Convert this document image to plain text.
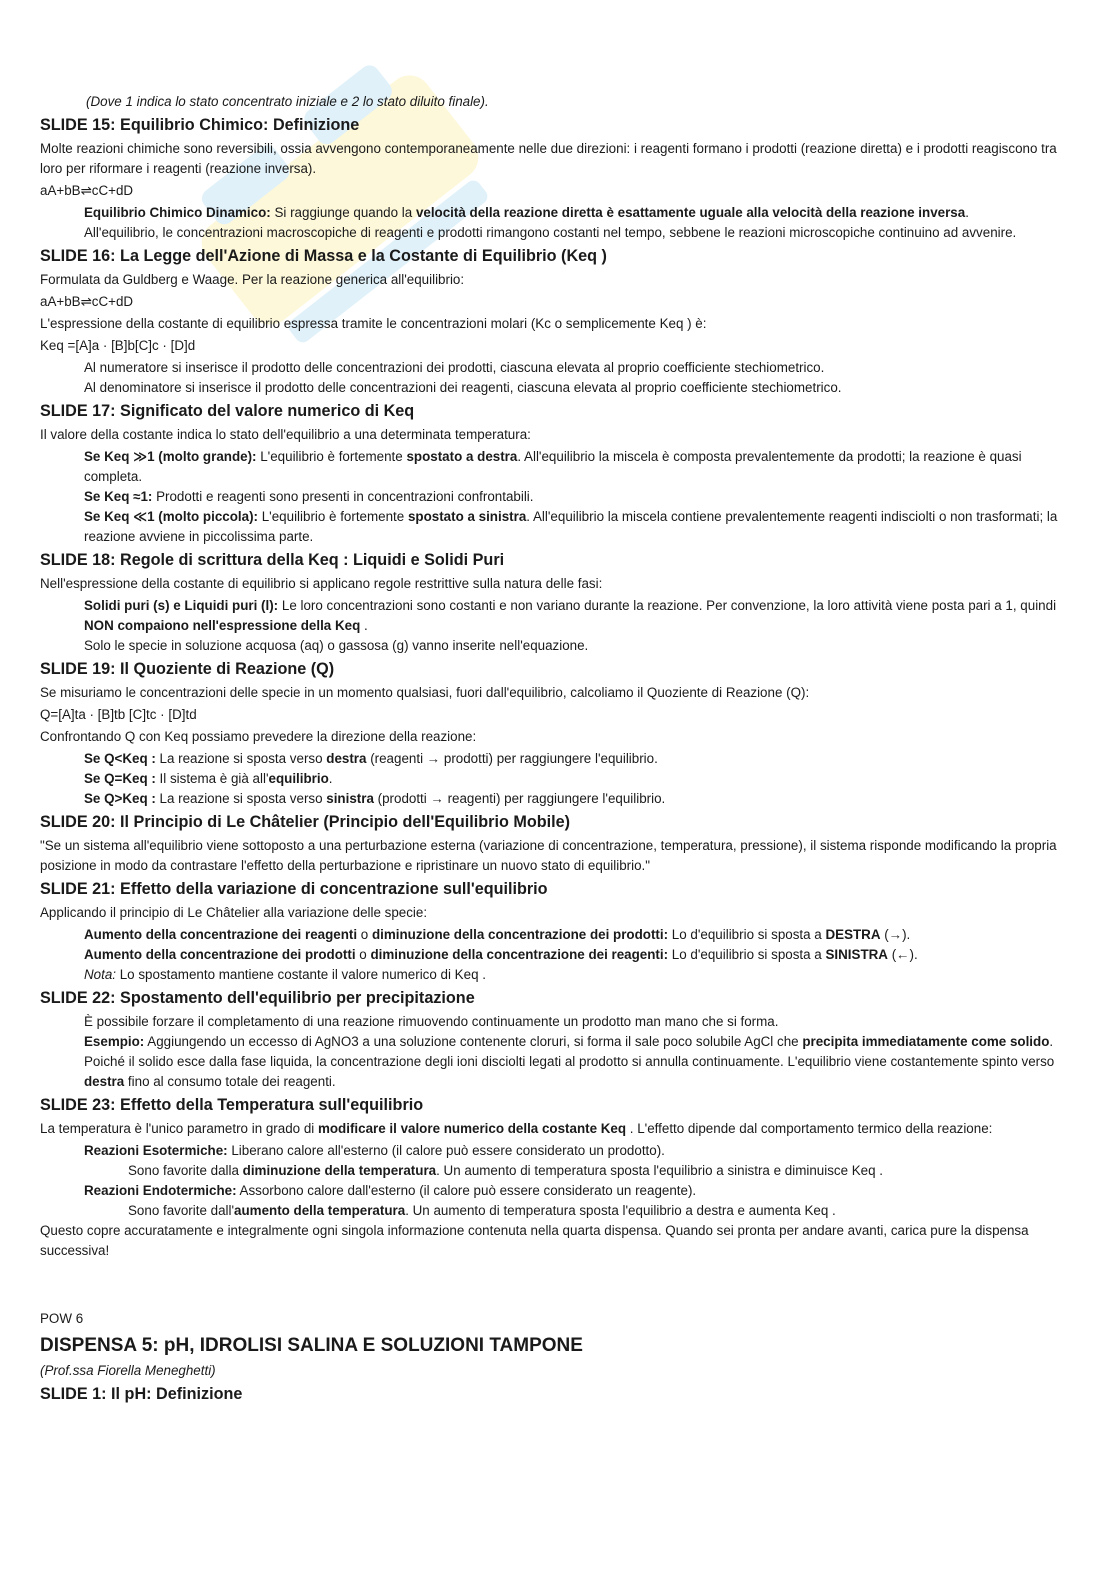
(Dove 1 indica lo stato concentrato iniziale e 2 lo stato diluito finale).

SLIDE 15: Equilibrio Chimico: Definizione

Molte reazioni chimiche sono reversibili, ossia avvengono contemporaneamente nelle due direzioni: i reagenti formano i prodotti (reazione diretta) e i prodotti reagiscono tra loro per riformare i reagenti (reazione inversa).

aA+bB⇌cC+dD

Equilibrio Chimico Dinamico: Si raggiunge quando la velocità della reazione diretta è esattamente uguale alla velocità della reazione inversa.

All'equilibrio, le concentrazioni macroscopiche di reagenti e prodotti rimangono costanti nel tempo, sebbene le reazioni microscopiche continuino ad avvenire.

SLIDE 16: La Legge dell'Azione di Massa e la Costante di Equilibrio (Keq )

Formulata da Guldberg e Waage. Per la reazione generica all'equilibrio:

aA+bB⇌cC+dD

L'espressione della costante di equilibrio espressa tramite le concentrazioni molari (Kc o semplicemente Keq ) è:

Keq =[A]a · [B]b[C]c · [D]d

Al numeratore si inserisce il prodotto delle concentrazioni dei prodotti, ciascuna elevata al proprio coefficiente stechiometrico.

Al denominatore si inserisce il prodotto delle concentrazioni dei reagenti, ciascuna elevata al proprio coefficiente stechiometrico.

SLIDE 17: Significato del valore numerico di Keq

Il valore della costante indica lo stato dell'equilibrio a una determinata temperatura:

Se Keq ≫1 (molto grande): L'equilibrio è fortemente spostato a destra. All'equilibrio la miscela è composta prevalentemente da prodotti; la reazione è quasi completa.

Se Keq ≈1: Prodotti e reagenti sono presenti in concentrazioni confrontabili.

Se Keq ≪1 (molto piccola): L'equilibrio è fortemente spostato a sinistra. All'equilibrio la miscela contiene prevalentemente reagenti indisciolti o non trasformati; la reazione avviene in piccolissima parte.

SLIDE 18: Regole di scrittura della Keq : Liquidi e Solidi Puri

Nell'espressione della costante di equilibrio si applicano regole restrittive sulla natura delle fasi:

Solidi puri (s) e Liquidi puri (l): Le loro concentrazioni sono costanti e non variano durante la reazione. Per convenzione, la loro attività viene posta pari a 1, quindi NON compaiono nell'espressione della Keq .

Solo le specie in soluzione acquosa (aq) o gassosa (g) vanno inserite nell'equazione.

SLIDE 19: Il Quoziente di Reazione (Q)

Se misuriamo le concentrazioni delle specie in un momento qualsiasi, fuori dall'equilibrio, calcoliamo il Quoziente di Reazione (Q):

Q=[A]ta · [B]tb [C]tc · [D]td

Confrontando Q con Keq possiamo prevedere la direzione della reazione:

Se Q<Keq : La reazione si sposta verso destra (reagenti → prodotti) per raggiungere l'equilibrio.

Se Q=Keq : Il sistema è già all'equilibrio.

Se Q>Keq : La reazione si sposta verso sinistra (prodotti → reagenti) per raggiungere l'equilibrio.

SLIDE 20: Il Principio di Le Châtelier (Principio dell'Equilibrio Mobile)

"Se un sistema all'equilibrio viene sottoposto a una perturbazione esterna (variazione di concentrazione, temperatura, pressione), il sistema risponde modificando la propria posizione in modo da contrastare l'effetto della perturbazione e ripristinare un nuovo stato di equilibrio."

SLIDE 21: Effetto della variazione di concentrazione sull'equilibrio

Applicando il principio di Le Châtelier alla variazione delle specie:

Aumento della concentrazione dei reagenti o diminuzione della concentrazione dei prodotti: Lo d'equilibrio si sposta a DESTRA (→).

Aumento della concentrazione dei prodotti o diminuzione della concentrazione dei reagenti: Lo d'equilibrio si sposta a SINISTRA (←).

Nota: Lo spostamento mantiene costante il valore numerico di Keq .

SLIDE 22: Spostamento dell'equilibrio per precipitazione

È possibile forzare il completamento di una reazione rimuovendo continuamente un prodotto man mano che si forma.

Esempio: Aggiungendo un eccesso di AgNO3 a una soluzione contenente cloruri, si forma il sale poco solubile AgCl che precipita immediatamente come solido.

Poiché il solido esce dalla fase liquida, la concentrazione degli ioni disciolti legati al prodotto si annulla continuamente. L'equilibrio viene costantemente spinto verso destra fino al consumo totale dei reagenti.

SLIDE 23: Effetto della Temperatura sull'equilibrio

La temperatura è l'unico parametro in grado di modificare il valore numerico della costante Keq . L'effetto dipende dal comportamento termico della reazione:

Reazioni Esotermiche: Liberano calore all'esterno (il calore può essere considerato un prodotto).

Sono favorite dalla diminuzione della temperatura. Un aumento di temperatura sposta l'equilibrio a sinistra e diminuisce Keq .

Reazioni Endotermiche: Assorbono calore dall'esterno (il calore può essere considerato un reagente).

Sono favorite dall'aumento della temperatura. Un aumento di temperatura sposta l'equilibrio a destra e aumenta Keq .

Questo copre accuratamente e integralmente ogni singola informazione contenuta nella quarta dispensa. Quando sei pronta per andare avanti, carica pure la dispensa successiva!

POW 6

DISPENSA 5: pH, IDROLISI SALINA E SOLUZIONI TAMPONE

(Prof.ssa Fiorella Meneghetti)

SLIDE 1: Il pH: Definizione
